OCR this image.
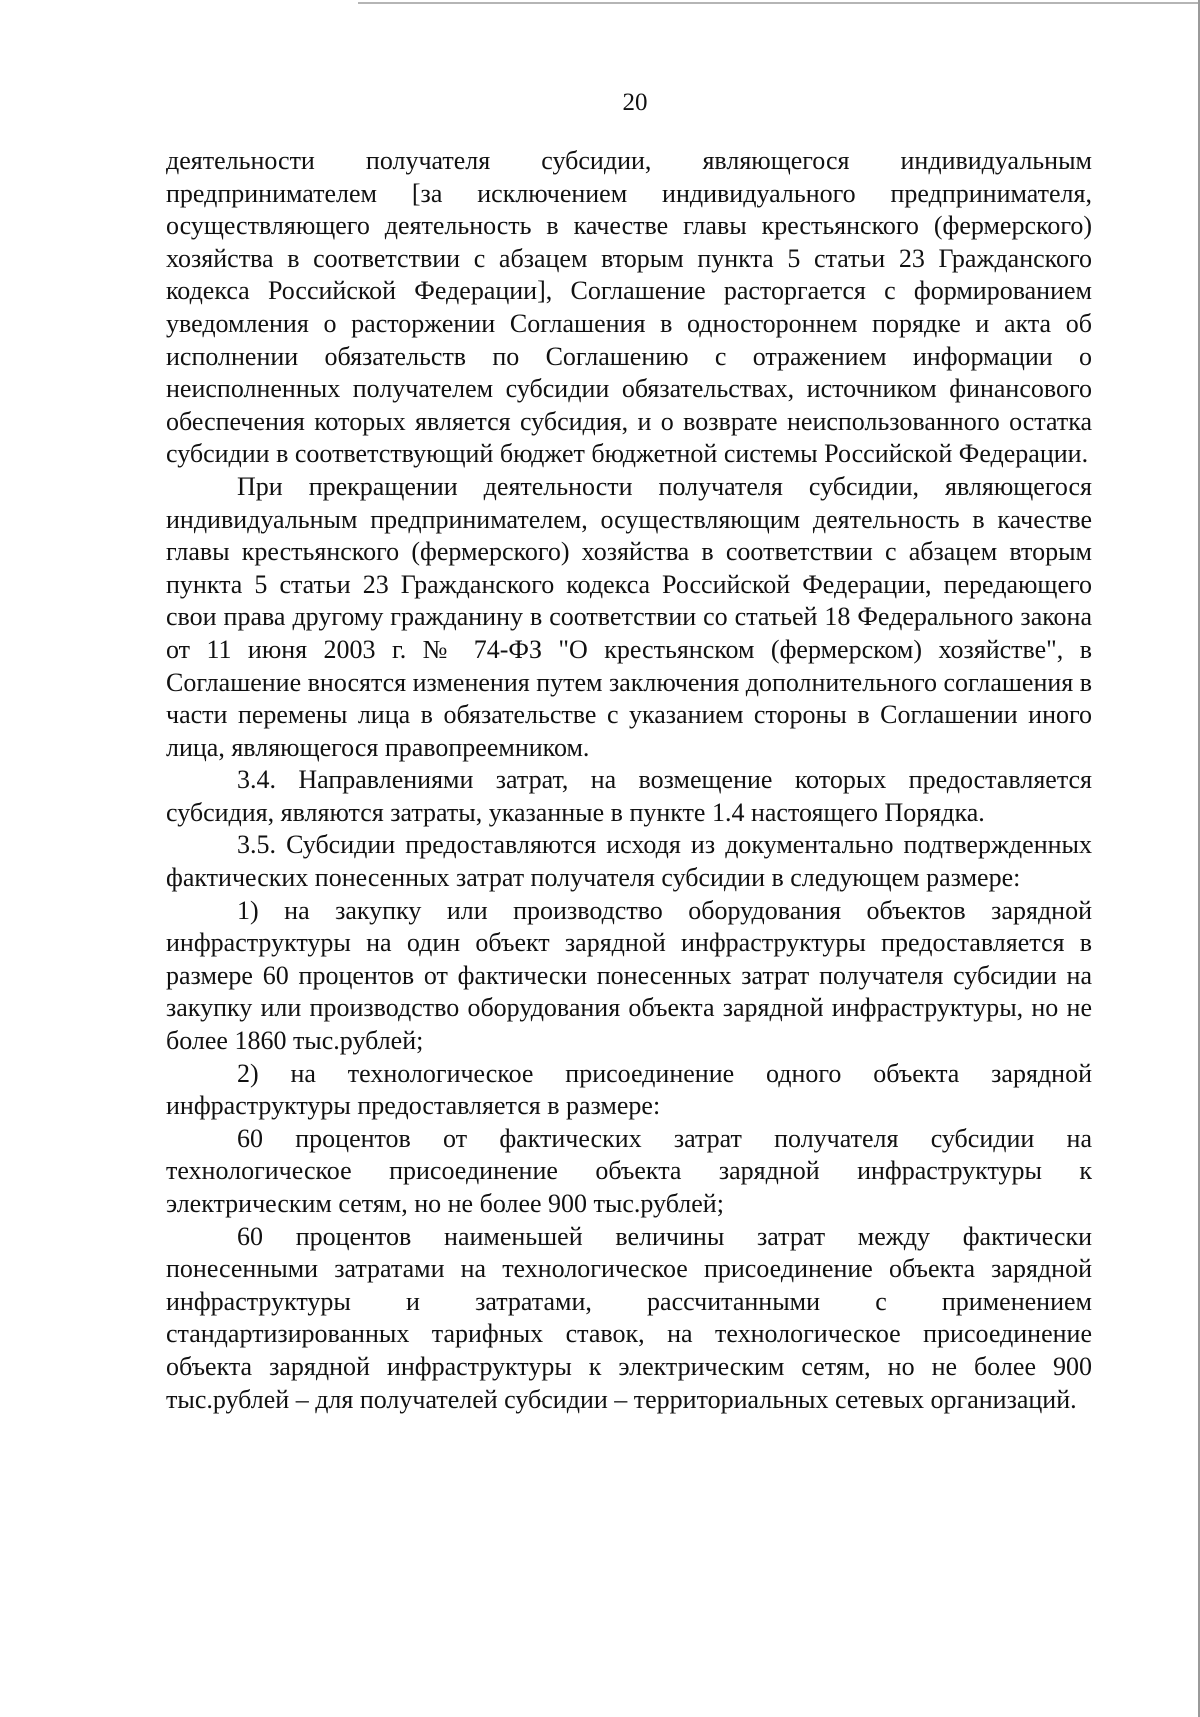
20

деятельности получателя субсидии, являющегося индивидуальным предпринимателем [за исключением индивидуального предпринимателя, осуществляющего деятельность в качестве главы крестьянского (фермерского) хозяйства в соответствии с абзацем вторым пункта 5 статьи 23 Гражданского кодекса Российской Федерации], Соглашение расторгается с формированием уведомления о расторжении Соглашения в одностороннем порядке и акта об исполнении обязательств по Соглашению с отражением информации о неисполненных получателем субсидии обязательствах, источником финансового обеспечения которых является субсидия, и о возврате неиспользованного остатка субсидии в соответствующий бюджет бюджетной системы Российской Федерации.

При прекращении деятельности получателя субсидии, являющегося индивидуальным предпринимателем, осуществляющим деятельность в качестве главы крестьянского (фермерского) хозяйства в соответствии с абзацем вторым пункта 5 статьи 23 Гражданского кодекса Российской Федерации, передающего свои права другому гражданину в соответствии со статьей 18 Федерального закона от 11 июня 2003 г. № 74-ФЗ "О крестьянском (фермерском) хозяйстве", в Соглашение вносятся изменения путем заключения дополнительного соглашения в части перемены лица в обязательстве с указанием стороны в Соглашении иного лица, являющегося правопреемником.

3.4. Направлениями затрат, на возмещение которых предоставляется субсидия, являются затраты, указанные в пункте 1.4 настоящего Порядка.

3.5. Субсидии предоставляются исходя из документально подтвержденных фактических понесенных затрат получателя субсидии в следующем размере:

1) на закупку или производство оборудования объектов зарядной инфраструктуры на один объект зарядной инфраструктуры предоставляется в размере 60 процентов от фактически понесенных затрат получателя субсидии на закупку или производство оборудования объекта зарядной инфраструктуры, но не более 1860 тыс.рублей;

2) на технологическое присоединение одного объекта зарядной инфраструктуры предоставляется в размере:

60 процентов от фактических затрат получателя субсидии на технологическое присоединение объекта зарядной инфраструктуры к электрическим сетям, но не более 900 тыс.рублей;

60 процентов наименьшей величины затрат между фактически понесенными затратами на технологическое присоединение объекта зарядной инфраструктуры и затратами, рассчитанными с применением стандартизированных тарифных ставок, на технологическое присоединение объекта зарядной инфраструктуры к электрическим сетям, но не более 900 тыс.рублей – для получателей субсидии – территориальных сетевых организаций.
